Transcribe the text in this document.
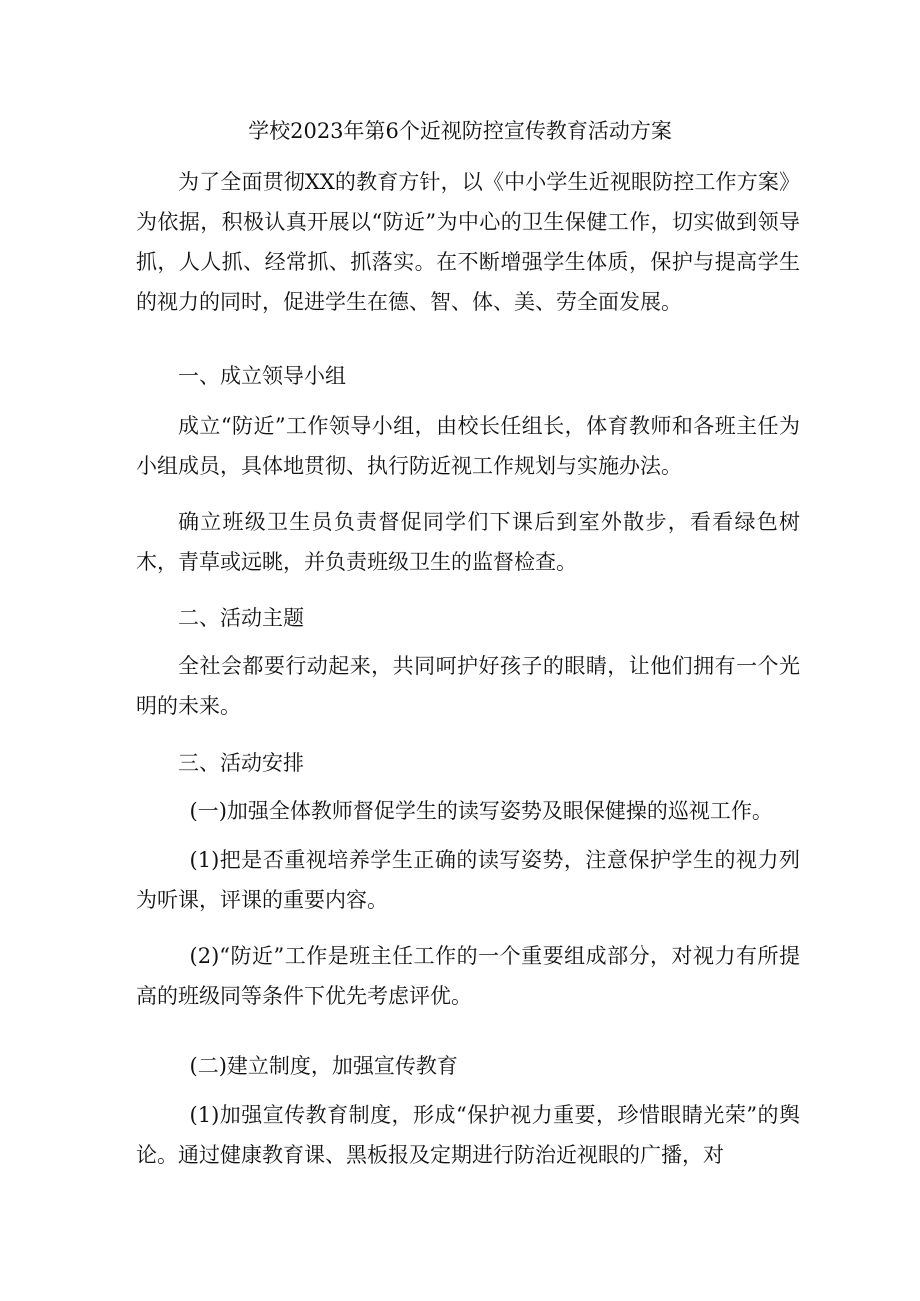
学校2023年第6个近视防控宣传教育活动方案

为了全面贯彻XX的教育方针，以《中小学生近视眼防控工作方案》为依据，积极认真开展以“防近”为中心的卫生保健工作，切实做到领导抓，人人抓、经常抓、抓落实。在不断增强学生体质，保护与提高学生的视力的同时，促进学生在德、智、体、美、劳全面发展。

一、成立领导小组

成立“防近”工作领导小组，由校长任组长，体育教师和各班主任为小组成员，具体地贯彻、执行防近视工作规划与实施办法。

确立班级卫生员负责督促同学们下课后到室外散步，看看绿色树木，青草或远眺，并负责班级卫生的监督检查。

二、活动主题

全社会都要行动起来，共同呵护好孩子的眼睛，让他们拥有一个光明的未来。

三、活动安排

(一)加强全体教师督促学生的读写姿势及眼保健操的巡视工作。

(1)把是否重视培养学生正确的读写姿势，注意保护学生的视力列为听课，评课的重要内容。

(2)“防近”工作是班主任工作的一个重要组成部分，对视力有所提高的班级同等条件下优先考虑评优。

(二)建立制度，加强宣传教育

(1)加强宣传教育制度，形成“保护视力重要，珍惜眼睛光荣”的舆论。通过健康教育课、黑板报及定期进行防治近视眼的广播，对
